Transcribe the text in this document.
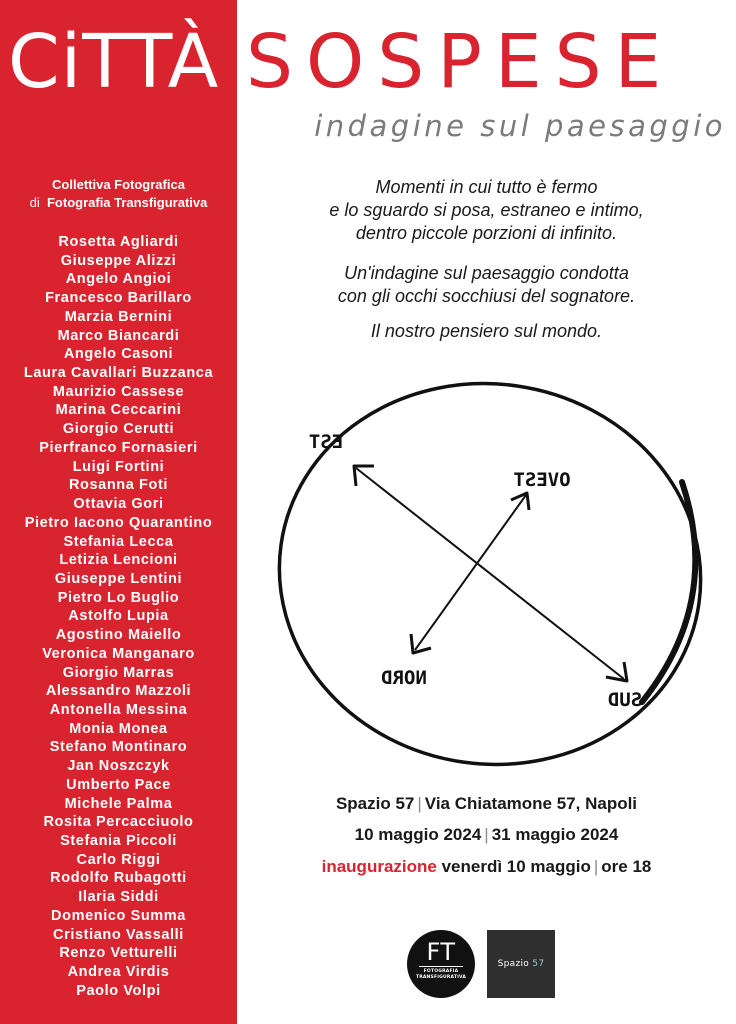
CiTTÀ SOSPESE
indagine sul paesaggio
Collettiva Fotografica
di Fotografia Transfigurativa
Rosetta Agliardi
Giuseppe Alizzi
Angelo Angioi
Francesco Barillaro
Marzia Bernini
Marco Biancardi
Angelo Casoni
Laura Cavallari Buzzanca
Maurizio Cassese
Marina Ceccarini
Giorgio Cerutti
Pierfranco Fornasieri
Luigi Fortini
Rosanna Foti
Ottavia Gori
Pietro Iacono Quarantino
Stefania Lecca
Letizia Lencioni
Giuseppe Lentini
Pietro Lo Buglio
Astolfo Lupia
Agostino Maiello
Veronica Manganaro
Giorgio Marras
Alessandro Mazzoli
Antonella Messina
Monia Monea
Stefano Montinaro
Jan Noszczyk
Umberto Pace
Michele Palma
Rosita Percacciuolo
Stefania Piccoli
Carlo Riggi
Rodolfo Rubagotti
Ilaria Siddi
Domenico Summa
Cristiano Vassalli
Renzo Vetturelli
Andrea Virdis
Paolo Volpi

Momenti in cui tutto è fermo

e lo sguardo si posa, estraneo e intimo,

dentro piccole porzioni di infinito.

Un'indagine sul paesaggio condotta

con gli occhi socchiusi del sognatore.

Il nostro pensiero sul mondo.

EST
OVEST
NORD
SUD
Spazio 57 | Via Chiatamone 57, Napoli
10 maggio 2024 | 31 maggio 2024
inaugurazione venerdì 10 maggio | ore 18
FT
FOTOGRAFIA
TRANSFIGURATIVA
Spazio 57
